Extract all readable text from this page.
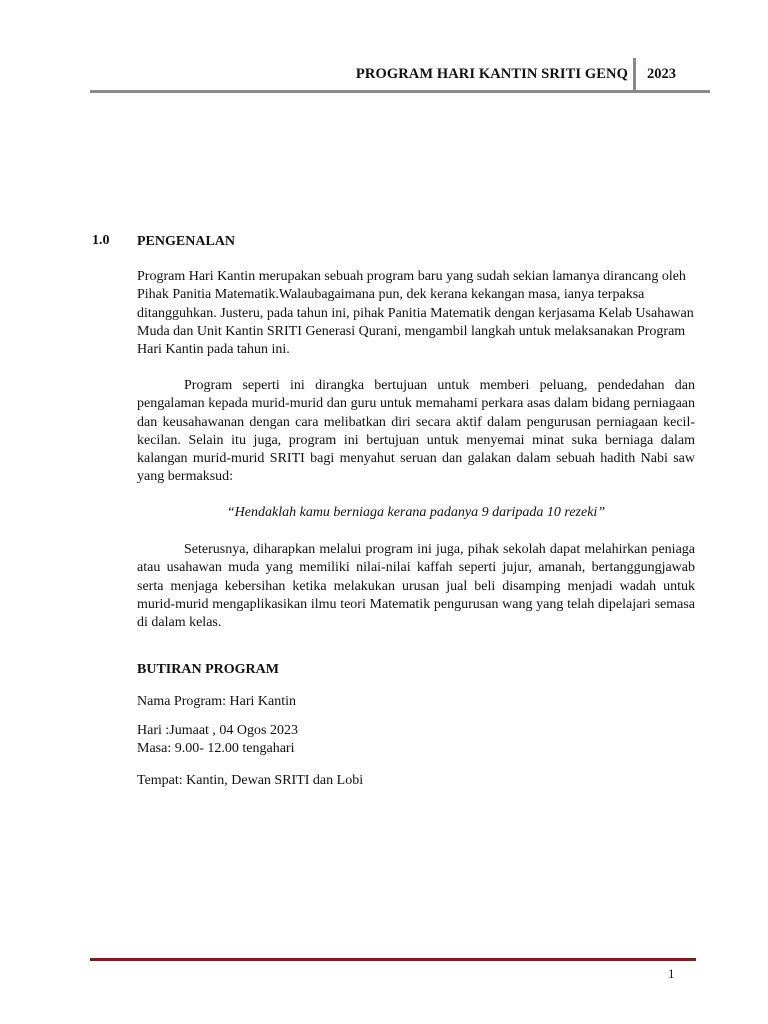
PROGRAM HARI KANTIN SRITI GENQ 2023
1.0 PENGENALAN

Program Hari Kantin merupakan sebuah program baru yang sudah sekian lamanya dirancang oleh Pihak Panitia Matematik.Walaubagaimana pun, dek kerana kekangan masa, ianya terpaksa ditangguhkan. Justeru, pada tahun ini, pihak Panitia Matematik dengan kerjasama Kelab Usahawan Muda dan Unit Kantin SRITI Generasi Qurani, mengambil langkah untuk melaksanakan Program Hari Kantin pada tahun ini.

Program seperti ini dirangka bertujuan untuk memberi peluang, pendedahan dan pengalaman kepada murid-murid dan guru untuk memahami perkara asas dalam bidang perniagaan dan keusahawanan dengan cara melibatkan diri secara aktif dalam pengurusan perniagaan kecil-kecilan. Selain itu juga, program ini bertujuan untuk menyemai minat suka berniaga dalam kalangan murid-murid SRITI bagi menyahut seruan dan galakan dalam sebuah hadith Nabi saw yang bermaksud:

“Hendaklah kamu berniaga kerana padanya 9 daripada 10 rezeki”

Seterusnya, diharapkan melalui program ini juga, pihak sekolah dapat melahirkan peniaga atau usahawan muda yang memiliki nilai-nilai kaffah seperti jujur, amanah, bertanggungjawab serta menjaga kebersihan ketika melakukan urusan jual beli disamping menjadi wadah untuk murid-murid mengaplikasikan ilmu teori Matematik pengurusan wang yang telah dipelajari semasa di dalam kelas.

BUTIRAN PROGRAM

Nama Program: Hari Kantin

Hari :Jumaat , 04 Ogos 2023

Masa: 9.00- 12.00 tengahari

Tempat: Kantin, Dewan SRITI dan Lobi

1
